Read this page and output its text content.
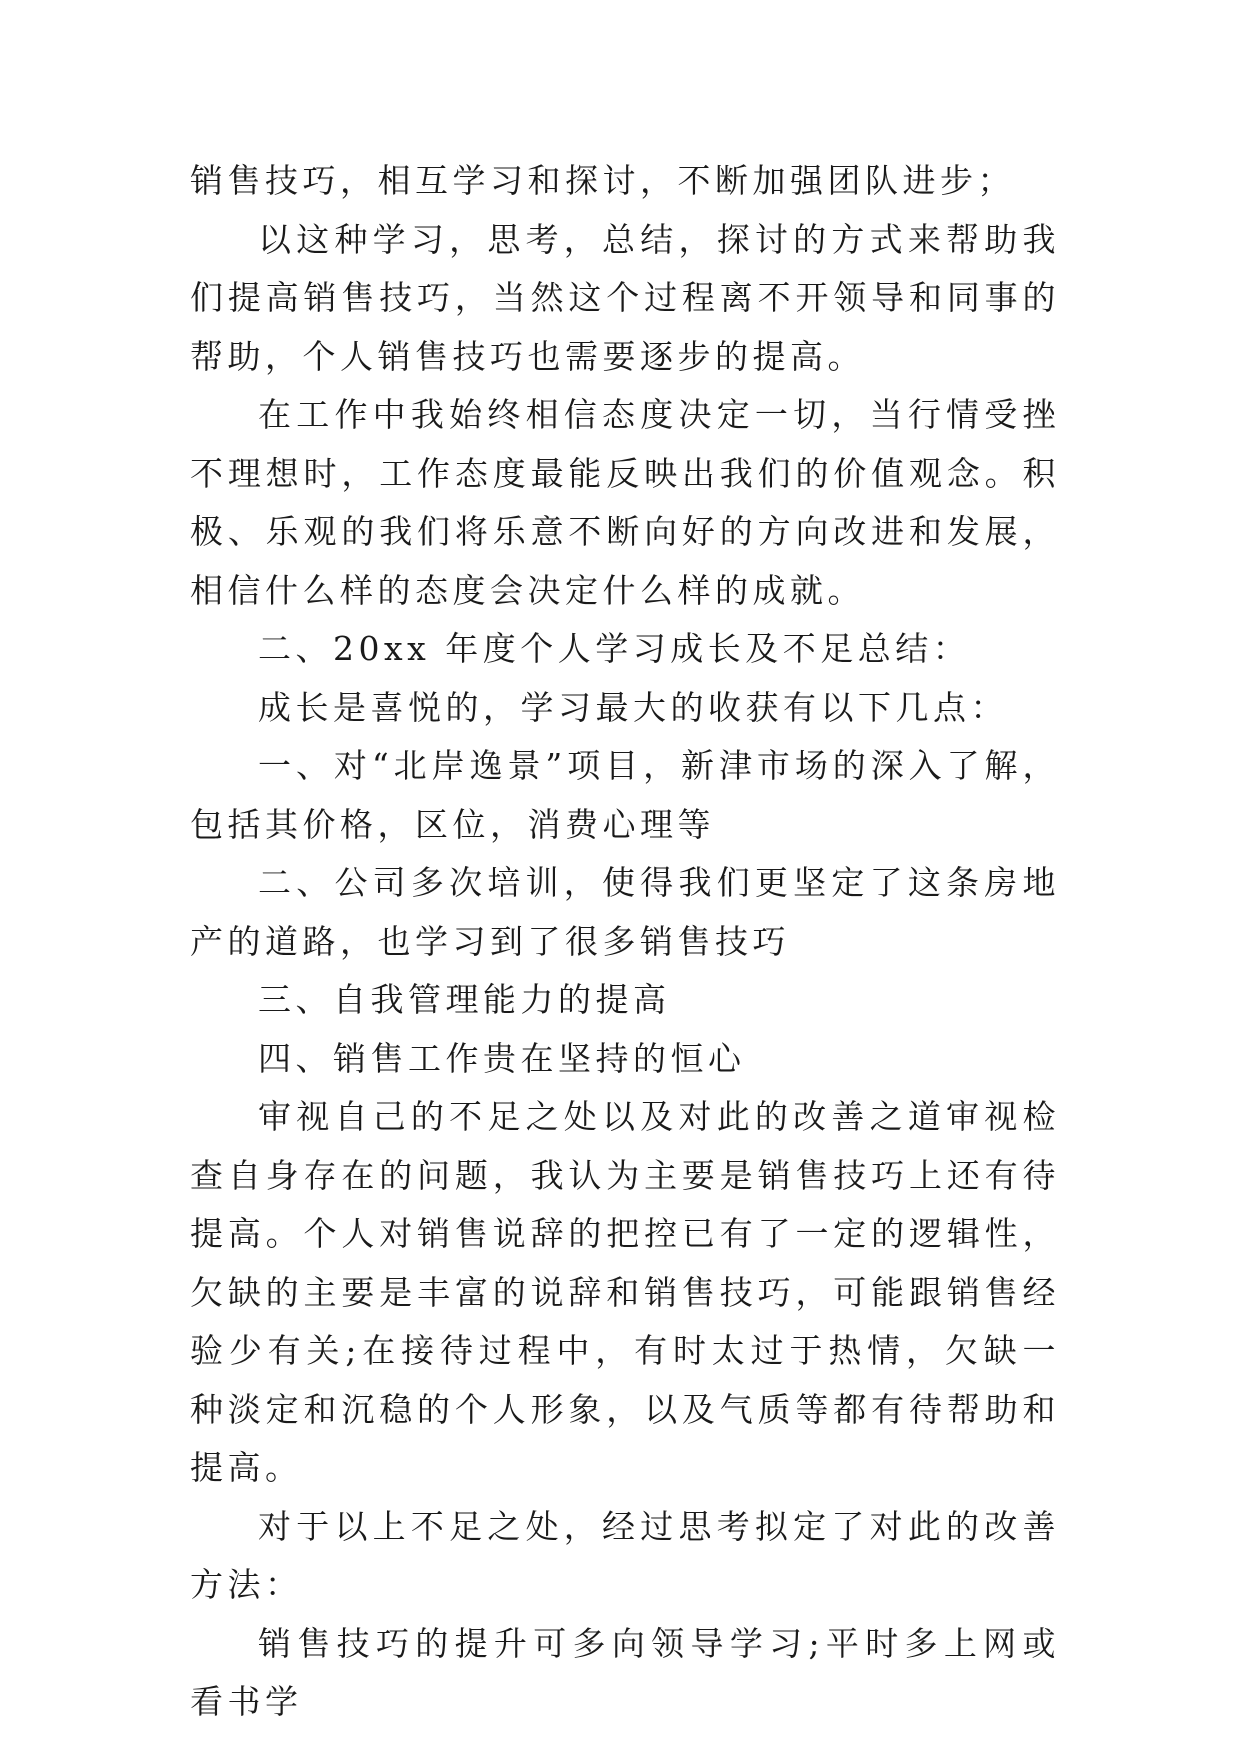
销售技巧，相互学习和探讨，不断加强团队进步；

以这种学习，思考，总结，探讨的方式来帮助我们提高销售技巧，当然这个过程离不开领导和同事的帮助，个人销售技巧也需要逐步的提高。

在工作中我始终相信态度决定一切，当行情受挫不理想时，工作态度最能反映出我们的价值观念。积极、乐观的我们将乐意不断向好的方向改进和发展，相信什么样的态度会决定什么样的成就。

二、20xx 年度个人学习成长及不足总结：

成长是喜悦的，学习最大的收获有以下几点：

一、对“北岸逸景”项目，新津市场的深入了解，包括其价格，区位，消费心理等

二、公司多次培训，使得我们更坚定了这条房地产的道路，也学习到了很多销售技巧

三、自我管理能力的提高

四、销售工作贵在坚持的恒心

审视自己的不足之处以及对此的改善之道审视检查自身存在的问题，我认为主要是销售技巧上还有待提高。个人对销售说辞的把控已有了一定的逻辑性，欠缺的主要是丰富的说辞和销售技巧，可能跟销售经验少有关;在接待过程中，有时太过于热情，欠缺一种淡定和沉稳的个人形象，以及气质等都有待帮助和提高。

对于以上不足之处，经过思考拟定了对此的改善方法：

销售技巧的提升可多向领导学习;平时多上网或看书学
